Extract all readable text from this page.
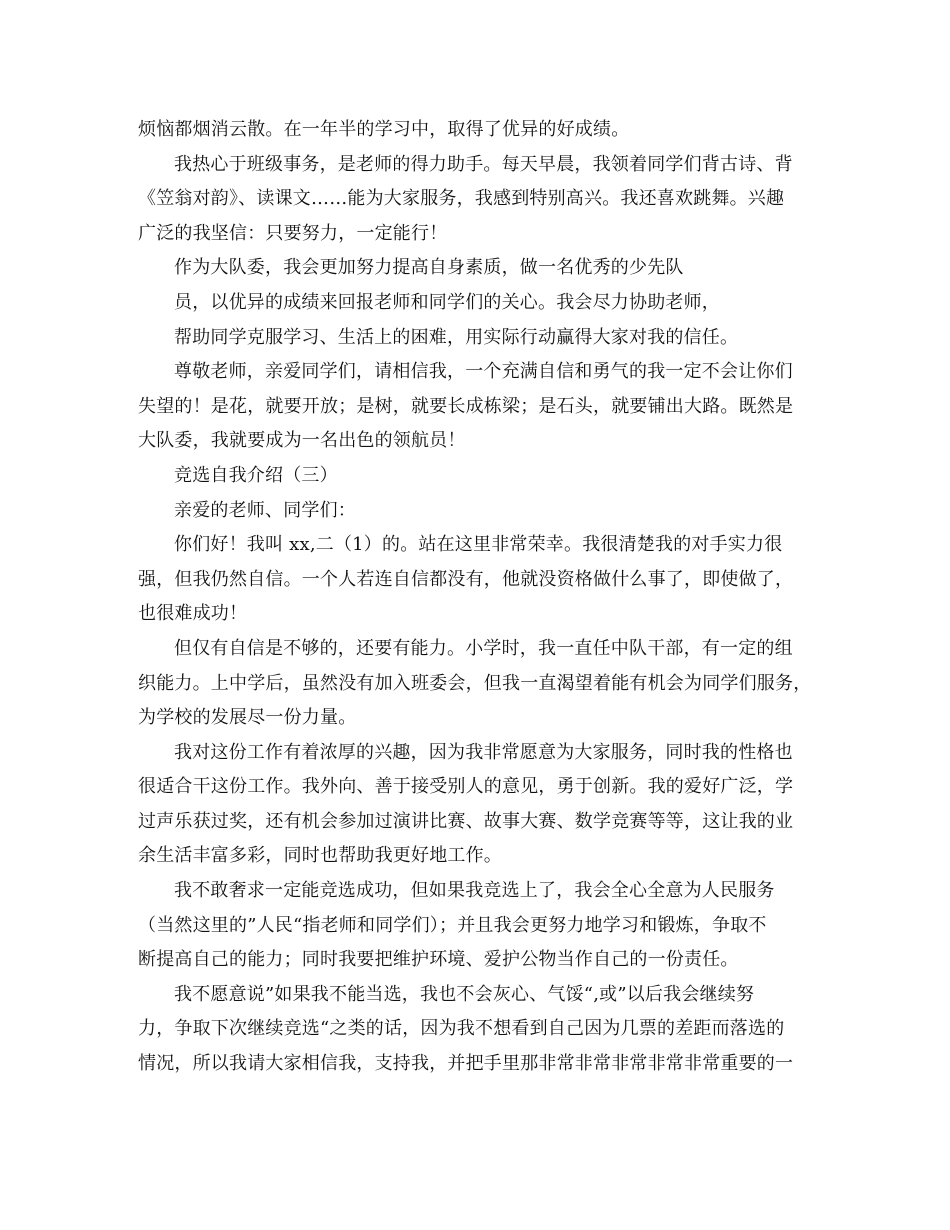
烦恼都烟消云散。在一年半的学习中，取得了优异的好成绩。
我热心于班级事务，是老师的得力助手。每天早晨，我领着同学们背古诗、背
《笠翁对韵》、读课文……能为大家服务，我感到特别高兴。我还喜欢跳舞。兴趣
广泛的我坚信：只要努力，一定能行！
作为大队委，我会更加努力提高自身素质，做一名优秀的少先队
员，以优异的成绩来回报老师和同学们的关心。我会尽力协助老师，
帮助同学克服学习、生活上的困难，用实际行动赢得大家对我的信任。
尊敬老师，亲爱同学们，请相信我，一个充满自信和勇气的我一定不会让你们
失望的！是花，就要开放；是树，就要长成栋梁；是石头，就要铺出大路。既然是
大队委，我就要成为一名出色的领航员！
竞选自我介绍（三）
亲爱的老师、同学们：
你们好！我叫 xx,二（1）的。站在这里非常荣幸。我很清楚我的对手实力很
强，但我仍然自信。一个人若连自信都没有，他就没资格做什么事了，即使做了，
也很难成功！
但仅有自信是不够的，还要有能力。小学时，我一直任中队干部，有一定的组
织能力。上中学后，虽然没有加入班委会，但我一直渴望着能有机会为同学们服务，
为学校的发展尽一份力量。
我对这份工作有着浓厚的兴趣，因为我非常愿意为大家服务，同时我的性格也
很适合干这份工作。我外向、善于接受别人的意见，勇于创新。我的爱好广泛，学
过声乐获过奖，还有机会参加过演讲比赛、故事大赛、数学竞赛等等，这让我的业
余生活丰富多彩，同时也帮助我更好地工作。
我不敢奢求一定能竞选成功，但如果我竞选上了，我会全心全意为人民服务
（当然这里的”人民“指老师和同学们）；并且我会更努力地学习和锻炼，争取不
断提高自己的能力；同时我要把维护环境、爱护公物当作自己的一份责任。
我不愿意说”如果我不能当选，我也不会灰心、气馁“,或”以后我会继续努
力，争取下次继续竞选“之类的话，因为我不想看到自己因为几票的差距而落选的
情况，所以我请大家相信我，支持我，并把手里那非常非常非常非常非常重要的一
